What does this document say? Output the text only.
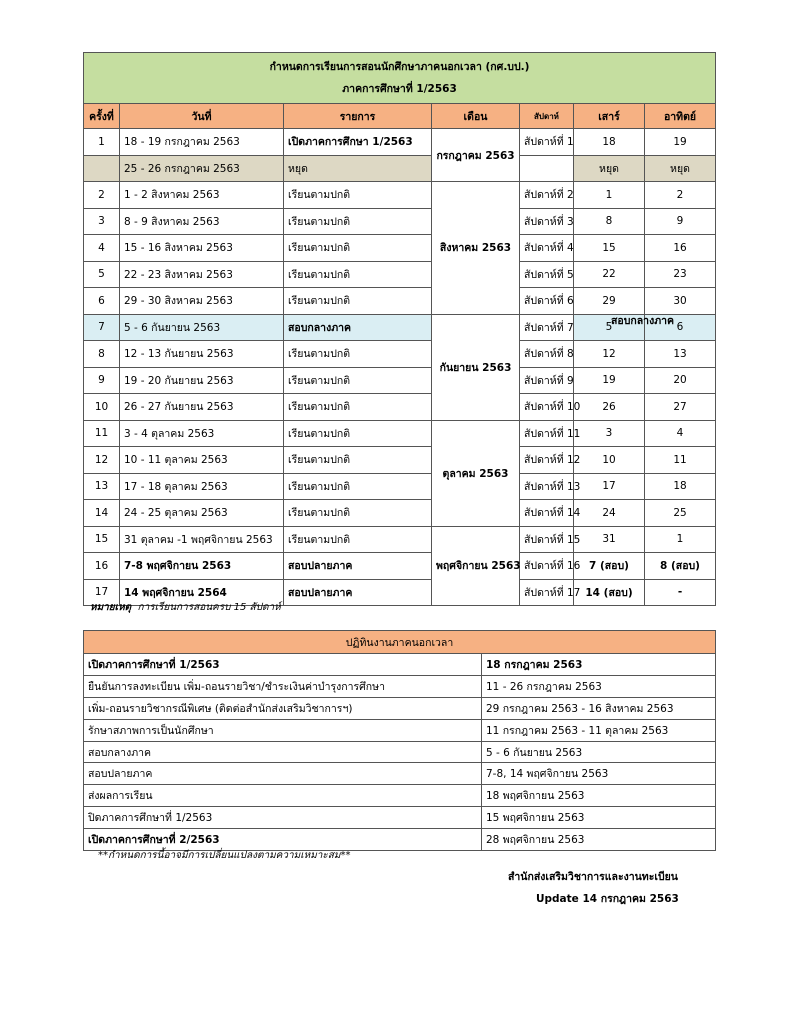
กำหนดการเรียนการสอนนักศึกษาภาคนอกเวลา (กศ.บป.)
ภาคการศึกษาที่ 1/2563						

ครั้งที่	วันที่	รายการ	เดือน	สัปดาห์	เสาร์	อาทิตย์
1	18 - 19 กรกฎาคม 2563	เปิดภาคการศึกษา 1/2563	กรกฎาคม 2563	สัปดาห์ที่ 1	18	19
	25 - 26 กรกฎาคม 2563	หยุด			หยุด	หยุด
2	1 - 2 สิงหาคม 2563	เรียนตามปกติ	สิงหาคม 2563	สัปดาห์ที่ 2	1	2
3	8 - 9 สิงหาคม 2563	เรียนตามปกติ		สัปดาห์ที่ 3	8	9
4	15 - 16 สิงหาคม 2563	เรียนตามปกติ		สัปดาห์ที่ 4	15	16
5	22 - 23 สิงหาคม 2563	เรียนตามปกติ		สัปดาห์ที่ 5	22	23
6	29 - 30 สิงหาคม 2563	เรียนตามปกติ		สัปดาห์ที่ 6	29	30
7	5 - 6 กันยายน 2563	สอบกลางภาค	กันยายน 2563	สัปดาห์ที่ 7	5	6
8	12 - 13 กันยายน 2563	เรียนตามปกติ		สัปดาห์ที่ 8	12	13
9	19 - 20 กันยายน 2563	เรียนตามปกติ		สัปดาห์ที่ 9	19	20
10	26 - 27 กันยายน 2563	เรียนตามปกติ		สัปดาห์ที่ 10	26	27
11	3 - 4 ตุลาคม 2563	เรียนตามปกติ	ตุลาคม 2563	สัปดาห์ที่ 11	3	4
12	10 - 11 ตุลาคม 2563	เรียนตามปกติ		สัปดาห์ที่ 12	10	11
13	17 - 18 ตุลาคม 2563	เรียนตามปกติ		สัปดาห์ที่ 13	17	18
14	24 - 25 ตุลาคม 2563	เรียนตามปกติ		สัปดาห์ที่ 14	24	25
15	31 ตุลาคม -1 พฤศจิกายน 2563	เรียนตามปกติ	พฤศจิกายน 2563	สัปดาห์ที่ 15	31	1
16	7-8 พฤศจิกายน 2563	สอบปลายภาค		สัปดาห์ที่ 16	7 (สอบ)	8 (สอบ)
17	14 พฤศจิกายน 2564	สอบปลายภาค		สัปดาห์ที่ 17	14 (สอบ)	-
สอบกลางภาค
หมายเหตุ การเรียนการสอนครบ 15 สัปดาห์
ปฏิทินงานภาคนอกเวลา	
เปิดภาคการศึกษาที่ 1/2563	18 กรกฎาคม 2563
ยืนยันการลงทะเบียน เพิ่ม-ถอนรายวิชา/ชำระเงินค่าบำรุงการศึกษา	11 - 26 กรกฎาคม 2563
เพิ่ม-ถอนรายวิชากรณีพิเศษ (ติดต่อสำนักส่งเสริมวิชาการฯ)	29 กรกฎาคม 2563 - 16 สิงหาคม 2563
รักษาสภาพการเป็นนักศึกษา	11 กรกฎาคม 2563 - 11 ตุลาคม 2563
สอบกลางภาค	5 - 6 กันยายน 2563
สอบปลายภาค	7-8, 14 พฤศจิกายน 2563
ส่งผลการเรียน	18 พฤศจิกายน 2563
ปิดภาคการศึกษาที่ 1/2563	15 พฤศจิกายน 2563
เปิดภาคการศึกษาที่ 2/2563	28 พฤศจิกายน 2563
**กำหนดการนี้อาจมีการเปลี่ยนแปลงตามความเหมาะสม**
สำนักส่งเสริมวิชาการและงานทะเบียน
Update 14 กรกฎาคม 2563
